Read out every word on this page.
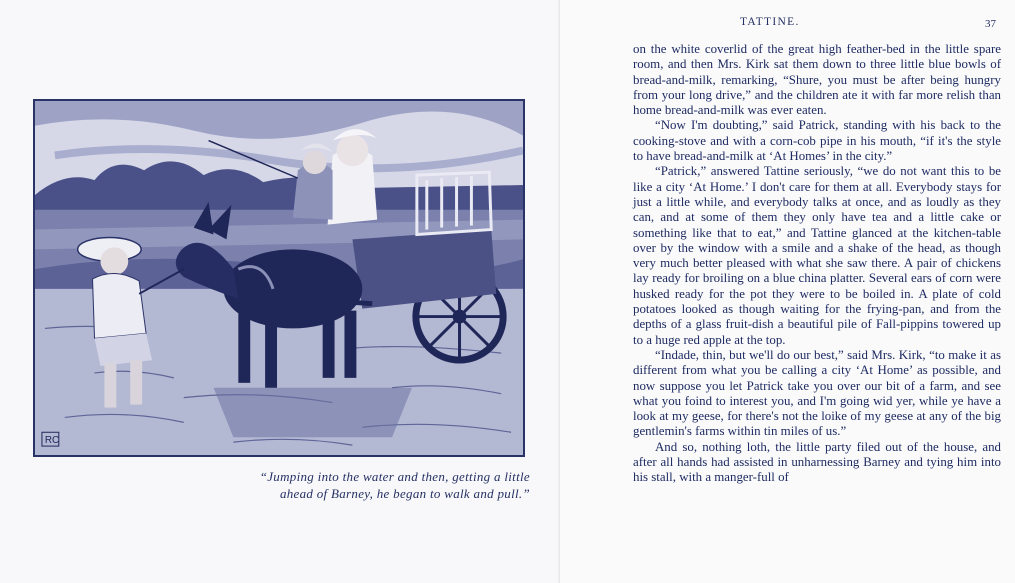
RC
“Jumping into the water and then, getting a little
ahead of Barney, he began to walk and pull.”
TATTINE.	37

on the white coverlid of the great high feather-bed in the little spare room, and then Mrs. Kirk sat them down to three little blue bowls of bread-and-milk, remarking, “Shure, you must be after being hungry from your long drive,” and the children ate it with far more relish than home bread-and-milk was ever eaten.

“Now I'm doubting,” said Patrick, standing with his back to the cooking-stove and with a corn-cob pipe in his mouth, “if it's the style to have bread-and-milk at ‘At Homes’ in the city.”

“Patrick,” answered Tattine seriously, “we do not want this to be like a city ‘At Home.’ I don't care for them at all. Everybody stays for just a little while, and everybody talks at once, and as loudly as they can, and at some of them they only have tea and a little cake or something like that to eat,” and Tattine glanced at the kitchen-table over by the window with a smile and a shake of the head, as though very much better pleased with what she saw there. A pair of chickens lay ready for broiling on a blue china platter. Several ears of corn were husked ready for the pot they were to be boiled in. A plate of cold potatoes looked as though waiting for the frying-pan, and from the depths of a glass fruit-dish a beautiful pile of Fall-pippins towered up to a huge red apple at the top.

“Indade, thin, but we'll do our best,” said Mrs. Kirk, “to make it as different from what you be calling a city ‘At Home’ as possible, and now suppose you let Patrick take you over our bit of a farm, and see what you foind to interest you, and I'm going wid yer, while ye have a look at my geese, for there's not the loike of my geese at any of the big gentlemin's farms within tin miles of us.”

And so, nothing loth, the little party filed out of the house, and after all hands had assisted in unharnessing Barney and tying him into his stall, with a manger-full of
